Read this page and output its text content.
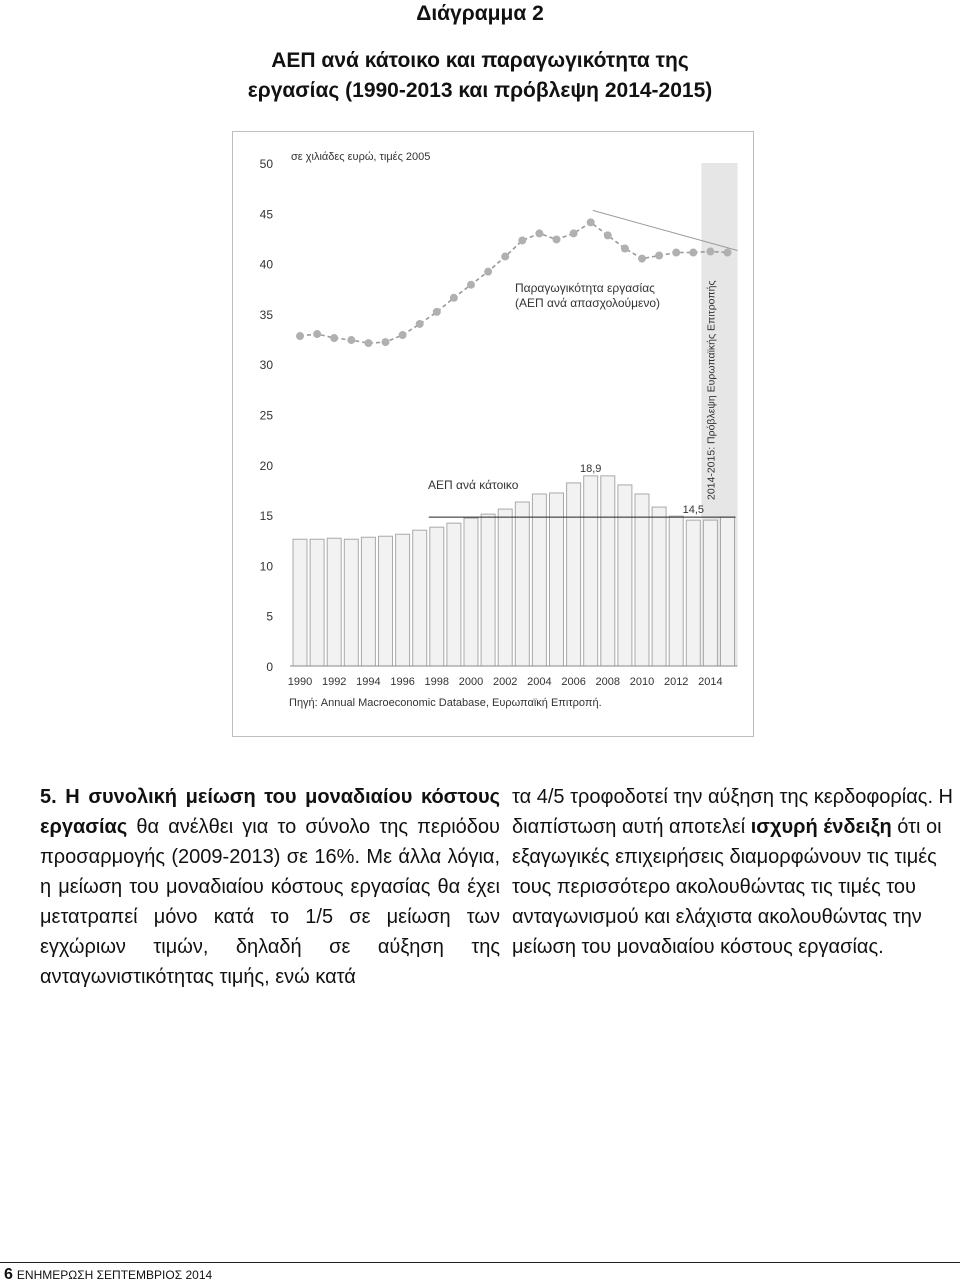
Διάγραμμα 2
ΑΕΠ ανά κάτοικο και παραγωγικότητα της
εργασίας (1990-2013 και πρόβλεψη 2014-2015)
50
45
40
35
30
25
20
15
10
5
0
σε χιλιάδες ευρώ, τιμές 2005
Παραγωγικότητα εργασίας
(ΑΕΠ ανά απασχολούμενο)
ΑΕΠ ανά κάτοικο
18,9
14,5
2014-2015: Πρόβλεψη Ευρωπαϊκής Επιτροπής
1990 1992 1994 1996 1998 2000 2002 2004 2006 2008 2010 2012 2014
Πηγή: Annual Macroeconomic Database, Ευρωπαϊκή Επιτροπή.

5. Η συνολική μείωση του μοναδιαίου κόστους εργασίας θα ανέλθει για το σύνολο της περιόδου προσαρμογής (2009-2013) σε 16%. Με άλλα λόγια, η μείωση του μοναδιαίου κόστους εργασίας θα έχει μετατραπεί μόνο κατά το 1/5 σε μείωση των εγχώριων τιμών, δηλαδή σε αύξηση της ανταγωνιστικότητας τιμής, ενώ κατά

τα 4/5 τροφοδοτεί την αύξηση της κερδοφορίας. Η διαπίστωση αυτή αποτελεί ισχυρή ένδειξη ότι οι εξαγωγικές επιχειρήσεις διαμορφώνουν τις τιμές τους περισσότερο ακολουθώντας τις τιμές του ανταγωνισμού και ελάχιστα ακολουθώντας την μείωση του μοναδιαίου κόστους εργασίας.

6 ΕΝΗΜΕΡΩΣΗ ΣΕΠΤΕΜΒΡΙΟΣ 2014
